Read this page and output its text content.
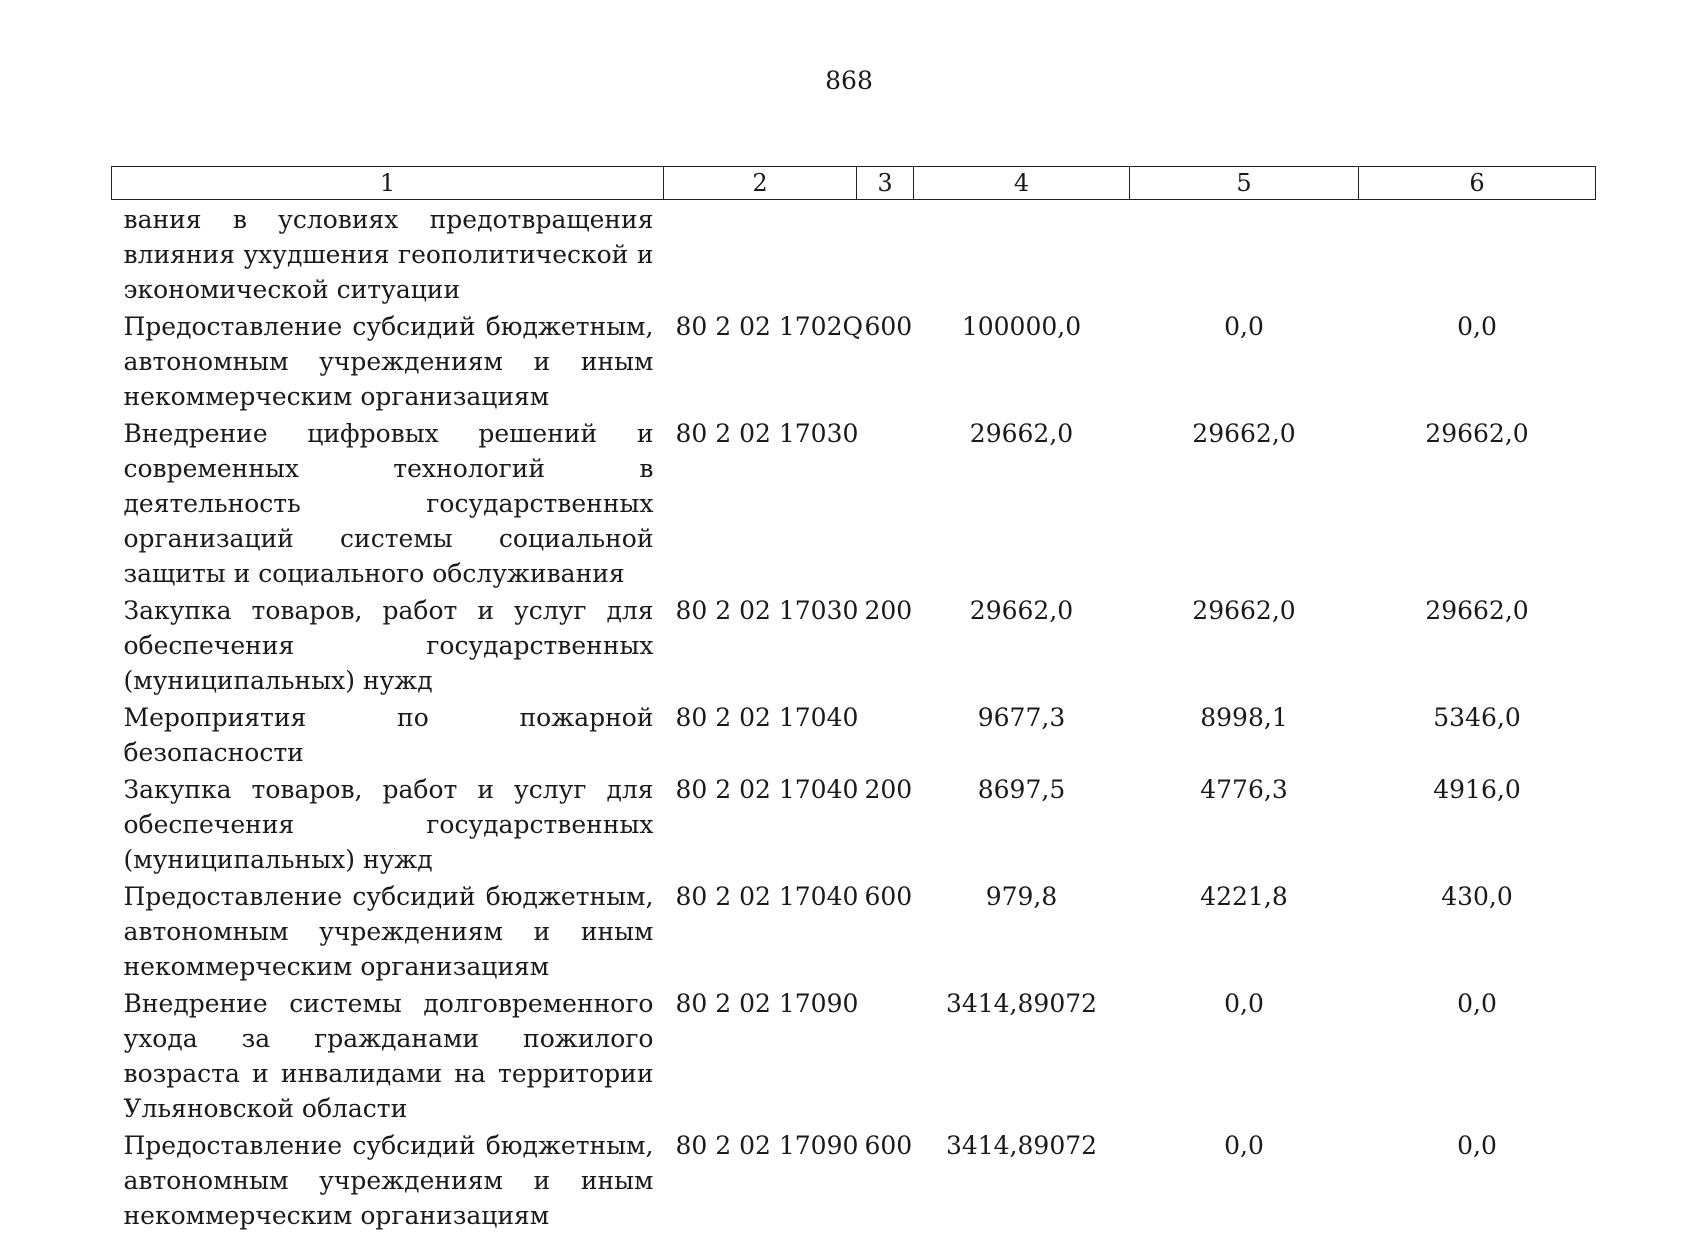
868
1	2	3	4	5	6
вания в условиях предотвращения влияния ухудшения геополитической и экономической ситуации					
Предоставление субсидий бюджетным, автономным учреждениям и иным некоммерческим организациям	80 2 02 1702Q	600	100000,0	0,0	0,0
Внедрение цифровых решений и современных технологий в деятельность государственных организаций системы социальной защиты и социального обслуживания	80 2 02 17030		29662,0	29662,0	29662,0
Закупка товаров, работ и услуг для обеспечения государственных (муниципальных) нужд	80 2 02 17030	200	29662,0	29662,0	29662,0
Мероприятия по пожарной безопасности	80 2 02 17040		9677,3	8998,1	5346,0
Закупка товаров, работ и услуг для обеспечения государственных (муниципальных) нужд	80 2 02 17040	200	8697,5	4776,3	4916,0
Предоставление субсидий бюджетным, автономным учреждениям и иным некоммерческим организациям	80 2 02 17040	600	979,8	4221,8	430,0
Внедрение системы долговременного ухода за гражданами пожилого возраста и инвалидами на территории Ульяновской области	80 2 02 17090		3414,89072	0,0	0,0
Предоставление субсидий бюджетным, автономным учреждениям и иным некоммерческим организациям	80 2 02 17090	600	3414,89072	0,0	0,0
